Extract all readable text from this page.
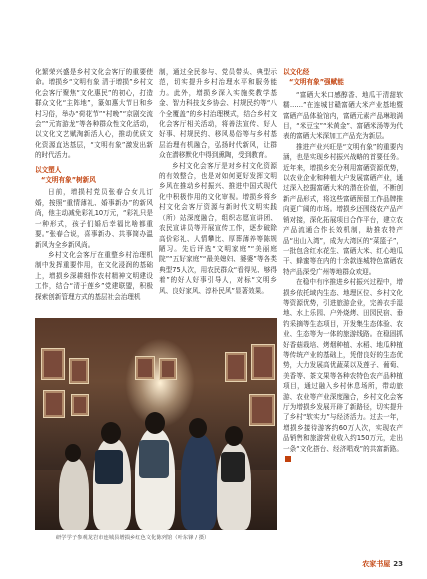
化繁荣兴盛是乡村文化会客厅的重要使命。增损乡“文明有象 清于增损”乡村文化会客厅聚焦“文化惠民”的初心，打造群众文化“主阵地”，篆如惠大节日和乡村习俗，举办“荷花节”“村晚”“京剧交流会”“元宵游龙”等各种群众性文化活动，以文化文艺赋淘新活人心，推动优质文化资源直达基层，“文明有象”激发出新的时代活力。

以文塑人
“文明有象”树新风

日前，增损村党员张春合女儿订婚，按照“重情薄礼、婚事新办”的新风尚，他主动减免彩礼10万元，“彩礼只是一种形式，孩子们婚后幸福比啥都重要。”张春合说，喜事新办、共事简办温新风为全乡新风尚。

乡村文化会客厅在重整乡村治理机制中发挥重要作用，在文化浸润的基础上，增损乡深耕细作农村精神文明建设工作，结合“清于莲乡”党建联盟，积极探索创新管理方式的基层社会治理机

制，通过全民参与、党员带头、典型示范，切实提升乡村治理水平和服务能力。此外，增损乡深入实施奖教学基金、智力科技支乡协会、村规民约等“八个全覆盖”的乡村治理模式，结合乡村文化会客厅相关活动，将善法宣传、好人好事、村规民约、移风易俗等与乡村基层治理有机融合，弘扬时代新风，让群众在潜移默化中得到熏陶，受到教育。

乡村文化会客厅是对乡村文化资源的有效整合，也是对如何更好发挥文明乡风在推动乡村振兴、推进中国式现代化中积极作用的文化审视。增损乡将乡村文化会客厅资源与新时代文明实践（所）站深度融合，组织志愿宣讲团、农民宣讲员等开展宣传工作，逐步破除高价彩礼、人情攀比、厚葬薄养等陈规陋习。先后评选“文明家庭”“美丽庭院”“五好家庭”“最美媳妇、婆婆”等各类典型75人次，用农民群众“看得见、够得着”的好人好事引导人，对标“文明乡风、良好家风、淳朴民风”显著效果。

以文化经
“文明有象”强赋能

“富硒大米口感醇香、地瓜干清甜软糯……”在连城甘赣富硒大米产业基地暨富硒产品体验馆内，富硒元素产品琳琅满目，“米豆宝”“米黄金”、富硒米汤等为代表的富硒大米深加工产品充为新层。

推进产业兴旺是“文明有象”的重要内涵，也是实现乡村振兴战略的首要任务。近年来，增损乡充分利用富硒资源优势，以农业企业和种植大户发展富硒产业，通过深入挖掘富硒大米的潜在价值，不断创新产品形式，将这些富硒预留工作品牌推向更广阔的市场。增损乡还围绕农产品产销对接，深化拓展项目合作平台，建立农产品流通合作长效机制，助推农特产品“出山入湾”，成为大湾区的“菜篮子”，一批包含红水花生、富硒大米、红心地瓜干、蜂蜜等在内的十余款连城特色富硒农特产品深受广州等地群众欢迎。

在稳中有序推进乡村振兴过程中，增损乡依托域内生态、地理区位、乡村文化等资源优势，引进旅游企业，完善衣手湿地、水上乐园、户外烧烤、田园民宿、垂钓采摘等生态项目，开发集生态体验、农业、生态等为一体的旅游线路。在稳固抓好香菇栽培、烤烟种植、水稻、地瓜种植等传统产业的基础上，凭借良好的生态优势，大力发展高优蔬菜以及莲子、葡萄、美香等、茶文果等各种农特色农产品种植项目，通过融入乡村休息场所，带动旅游、农业等产业深度融合，乡村文化会客厅为增损乡发展开辟了新路径，切实提升了乡村“软实力”与经济活力。过去一年，增损乡接待游客约60万人次，实现农产品销售和旅游营业收入约150万元，走出一条“文化搭台、经济唱戏”的共富新路。

研学学子参观龙岩市连城县增损乡红色文化陈列馆（叶东锋 / 摄）
农家书屋 23
